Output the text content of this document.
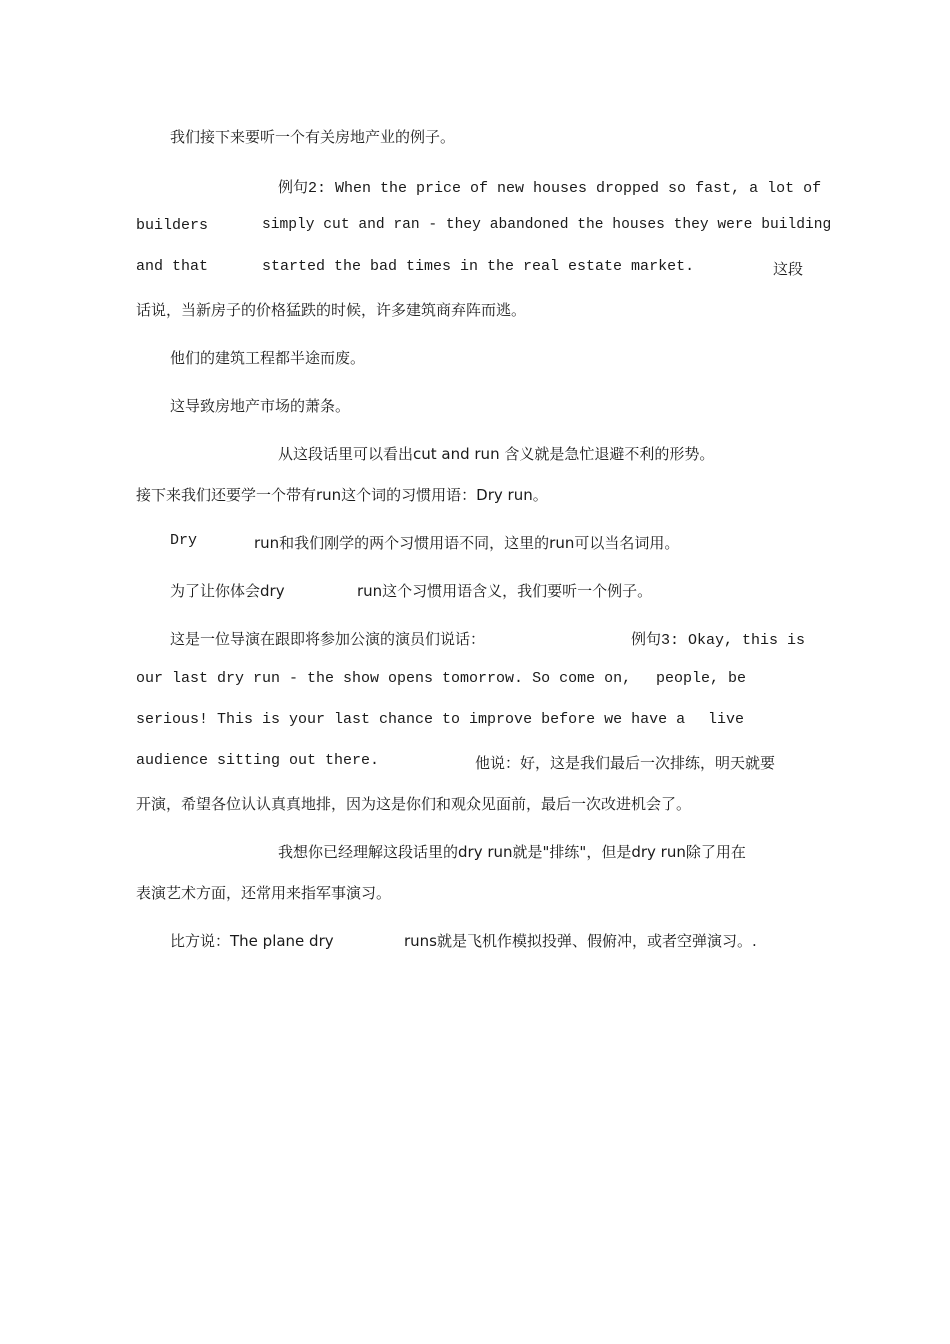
我们接下来要听一个有关房地产业的例子。
例句2: When the price of new houses dropped so fast, a lot of
builders	simply cut and ran - they abandoned the houses they were building
and that	started the bad times in the real estate market.	这段
话说，当新房子的价格猛跌的时候，许多建筑商弃阵而逃。
他们的建筑工程都半途而废。
这导致房地产市场的萧条。
从这段话里可以看出cut and run 含义就是急忙退避不利的形势。
接下来我们还要学一个带有run这个词的习惯用语：Dry run。
Dry	run和我们刚学的两个习惯用语不同，这里的run可以当名词用。
为了让你体会dry	run这个习惯用语含义，我们要听一个例子。
这是一位导演在跟即将参加公演的演员们说话：	例句3: Okay, this is
our last dry run - the show opens tomorrow. So come on, people, be
serious! This is your last chance to improve before we have a live
audience sitting out there.	他说：好，这是我们最后一次排练，明天就要
开演，希望各位认认真真地排，因为这是你们和观众见面前，最后一次改进机会了。
我想你已经理解这段话里的dry run就是"排练"，但是dry run除了用在
表演艺术方面，还常用来指军事演习。
比方说：The plane dry	runs就是飞机作模拟投弹、假俯冲，或者空弹演习。.
